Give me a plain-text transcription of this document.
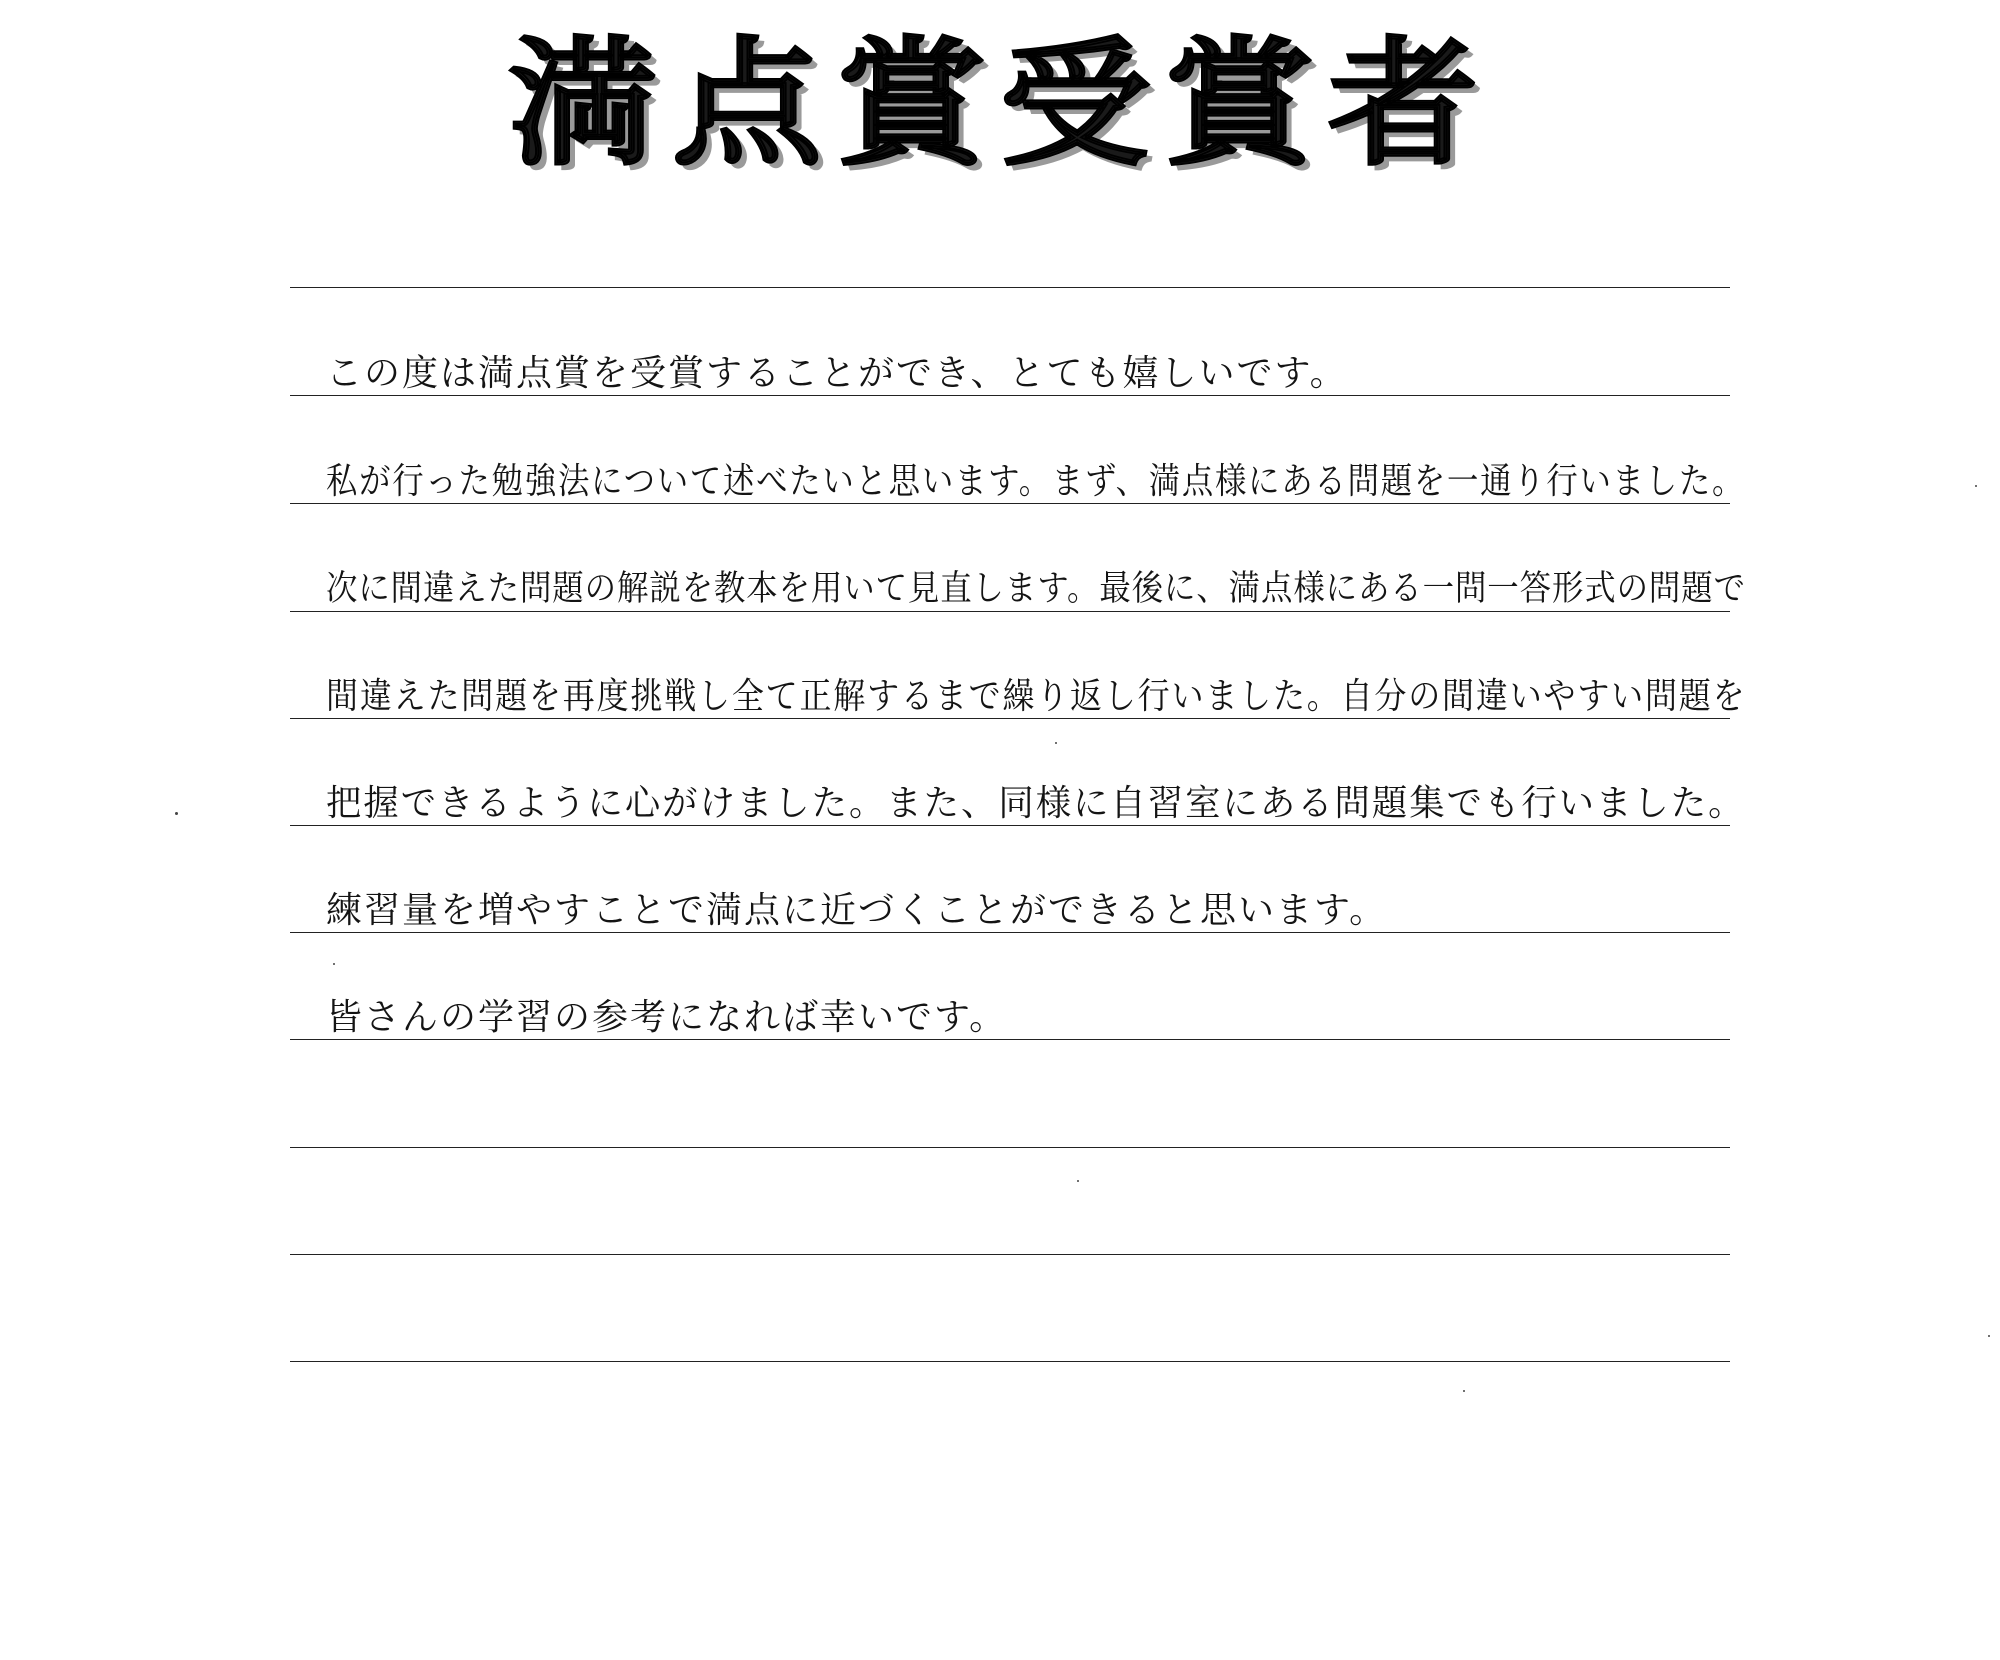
満点賞受賞者
この度は満点賞を受賞することができ、とても嬉しいです。
私が行った勉強法について述べたいと思います。まず、満点様にある問題を一通り行いました。
次に間違えた問題の解説を教本を用いて見直します。最後に、満点様にある一問一答形式の問題で
間違えた問題を再度挑戦し全て正解するまで繰り返し行いました。自分の間違いやすい問題を
把握できるように心がけました。また、同様に自習室にある問題集でも行いました。
練習量を増やすことで満点に近づくことができると思います。
皆さんの学習の参考になれば幸いです。
